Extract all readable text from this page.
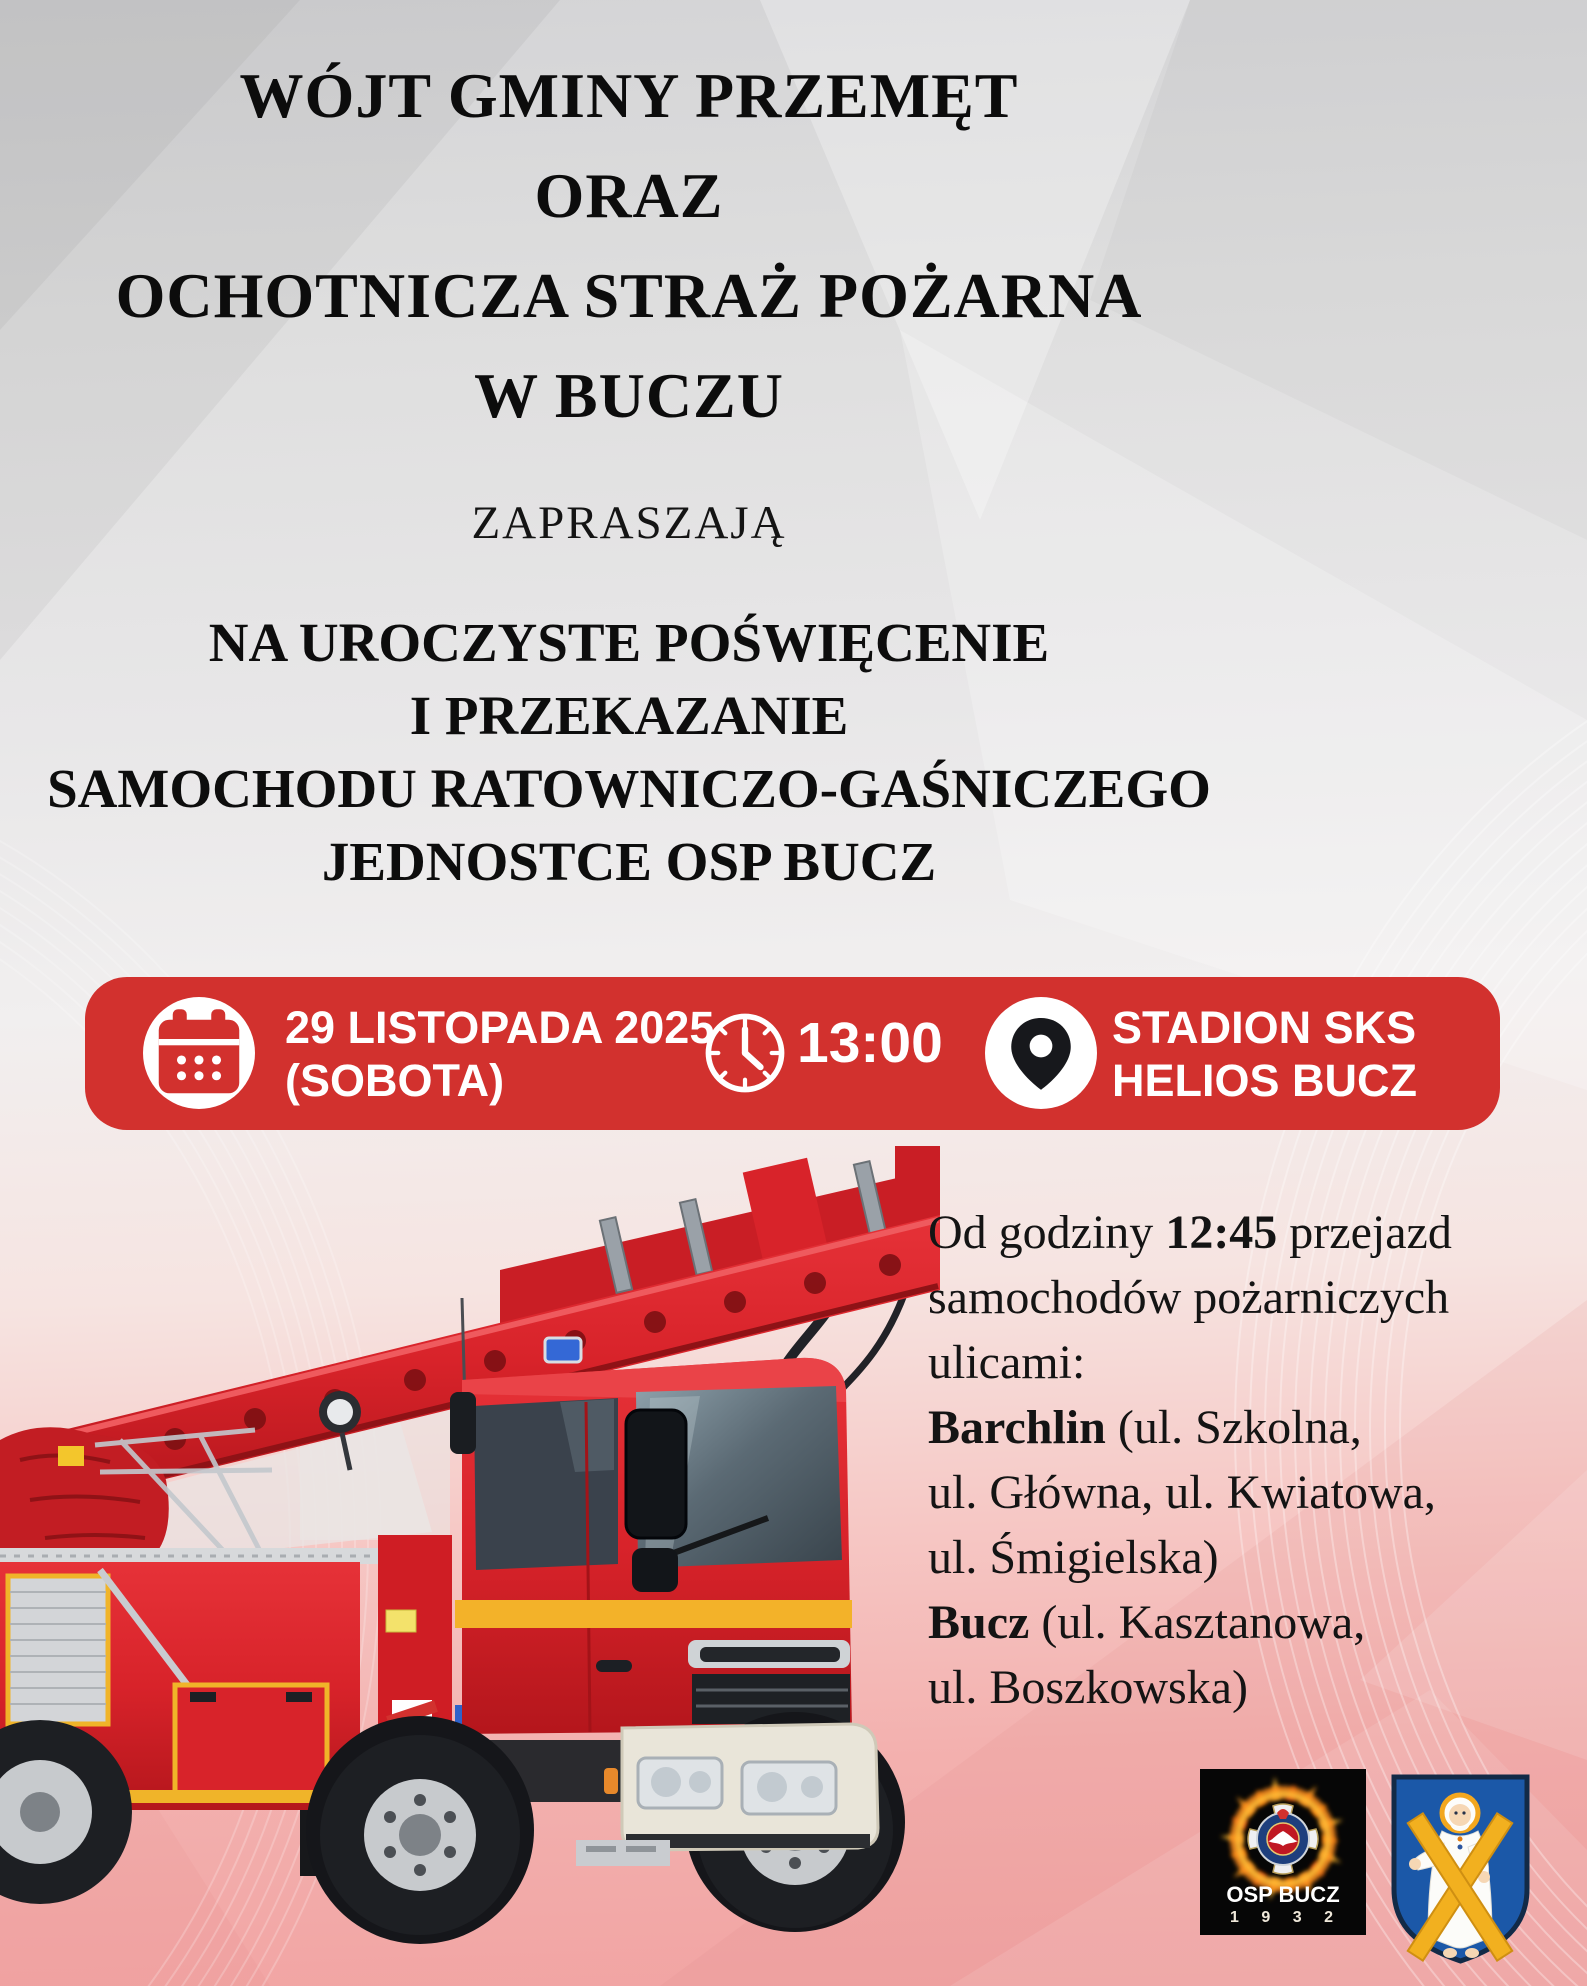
WÓJT GMINY PRZEMĘT
ORAZ
OCHOTNICZA STRAŻ POŻARNA
W BUCZU
ZAPRASZAJĄ
NA UROCZYSTE POŚWIĘCENIE
I PRZEKAZANIE
SAMOCHODU RATOWNICZO-GAŚNICZEGO
JEDNOSTCE OSP BUCZ
29 LISTOPADA 2025
(SOBOTA)
13:00	STADION SKS
HELIOS BUCZ
Od godziny 12:45 przejazd
samochodów pożarniczych
ulicami:
Barchlin (ul. Szkolna,
ul. Główna, ul. Kwiatowa,
ul. Śmigielska)
Bucz (ul. Kasztanowa,
ul. Boszkowska)
OSP BUCZ
1 9 3 2
